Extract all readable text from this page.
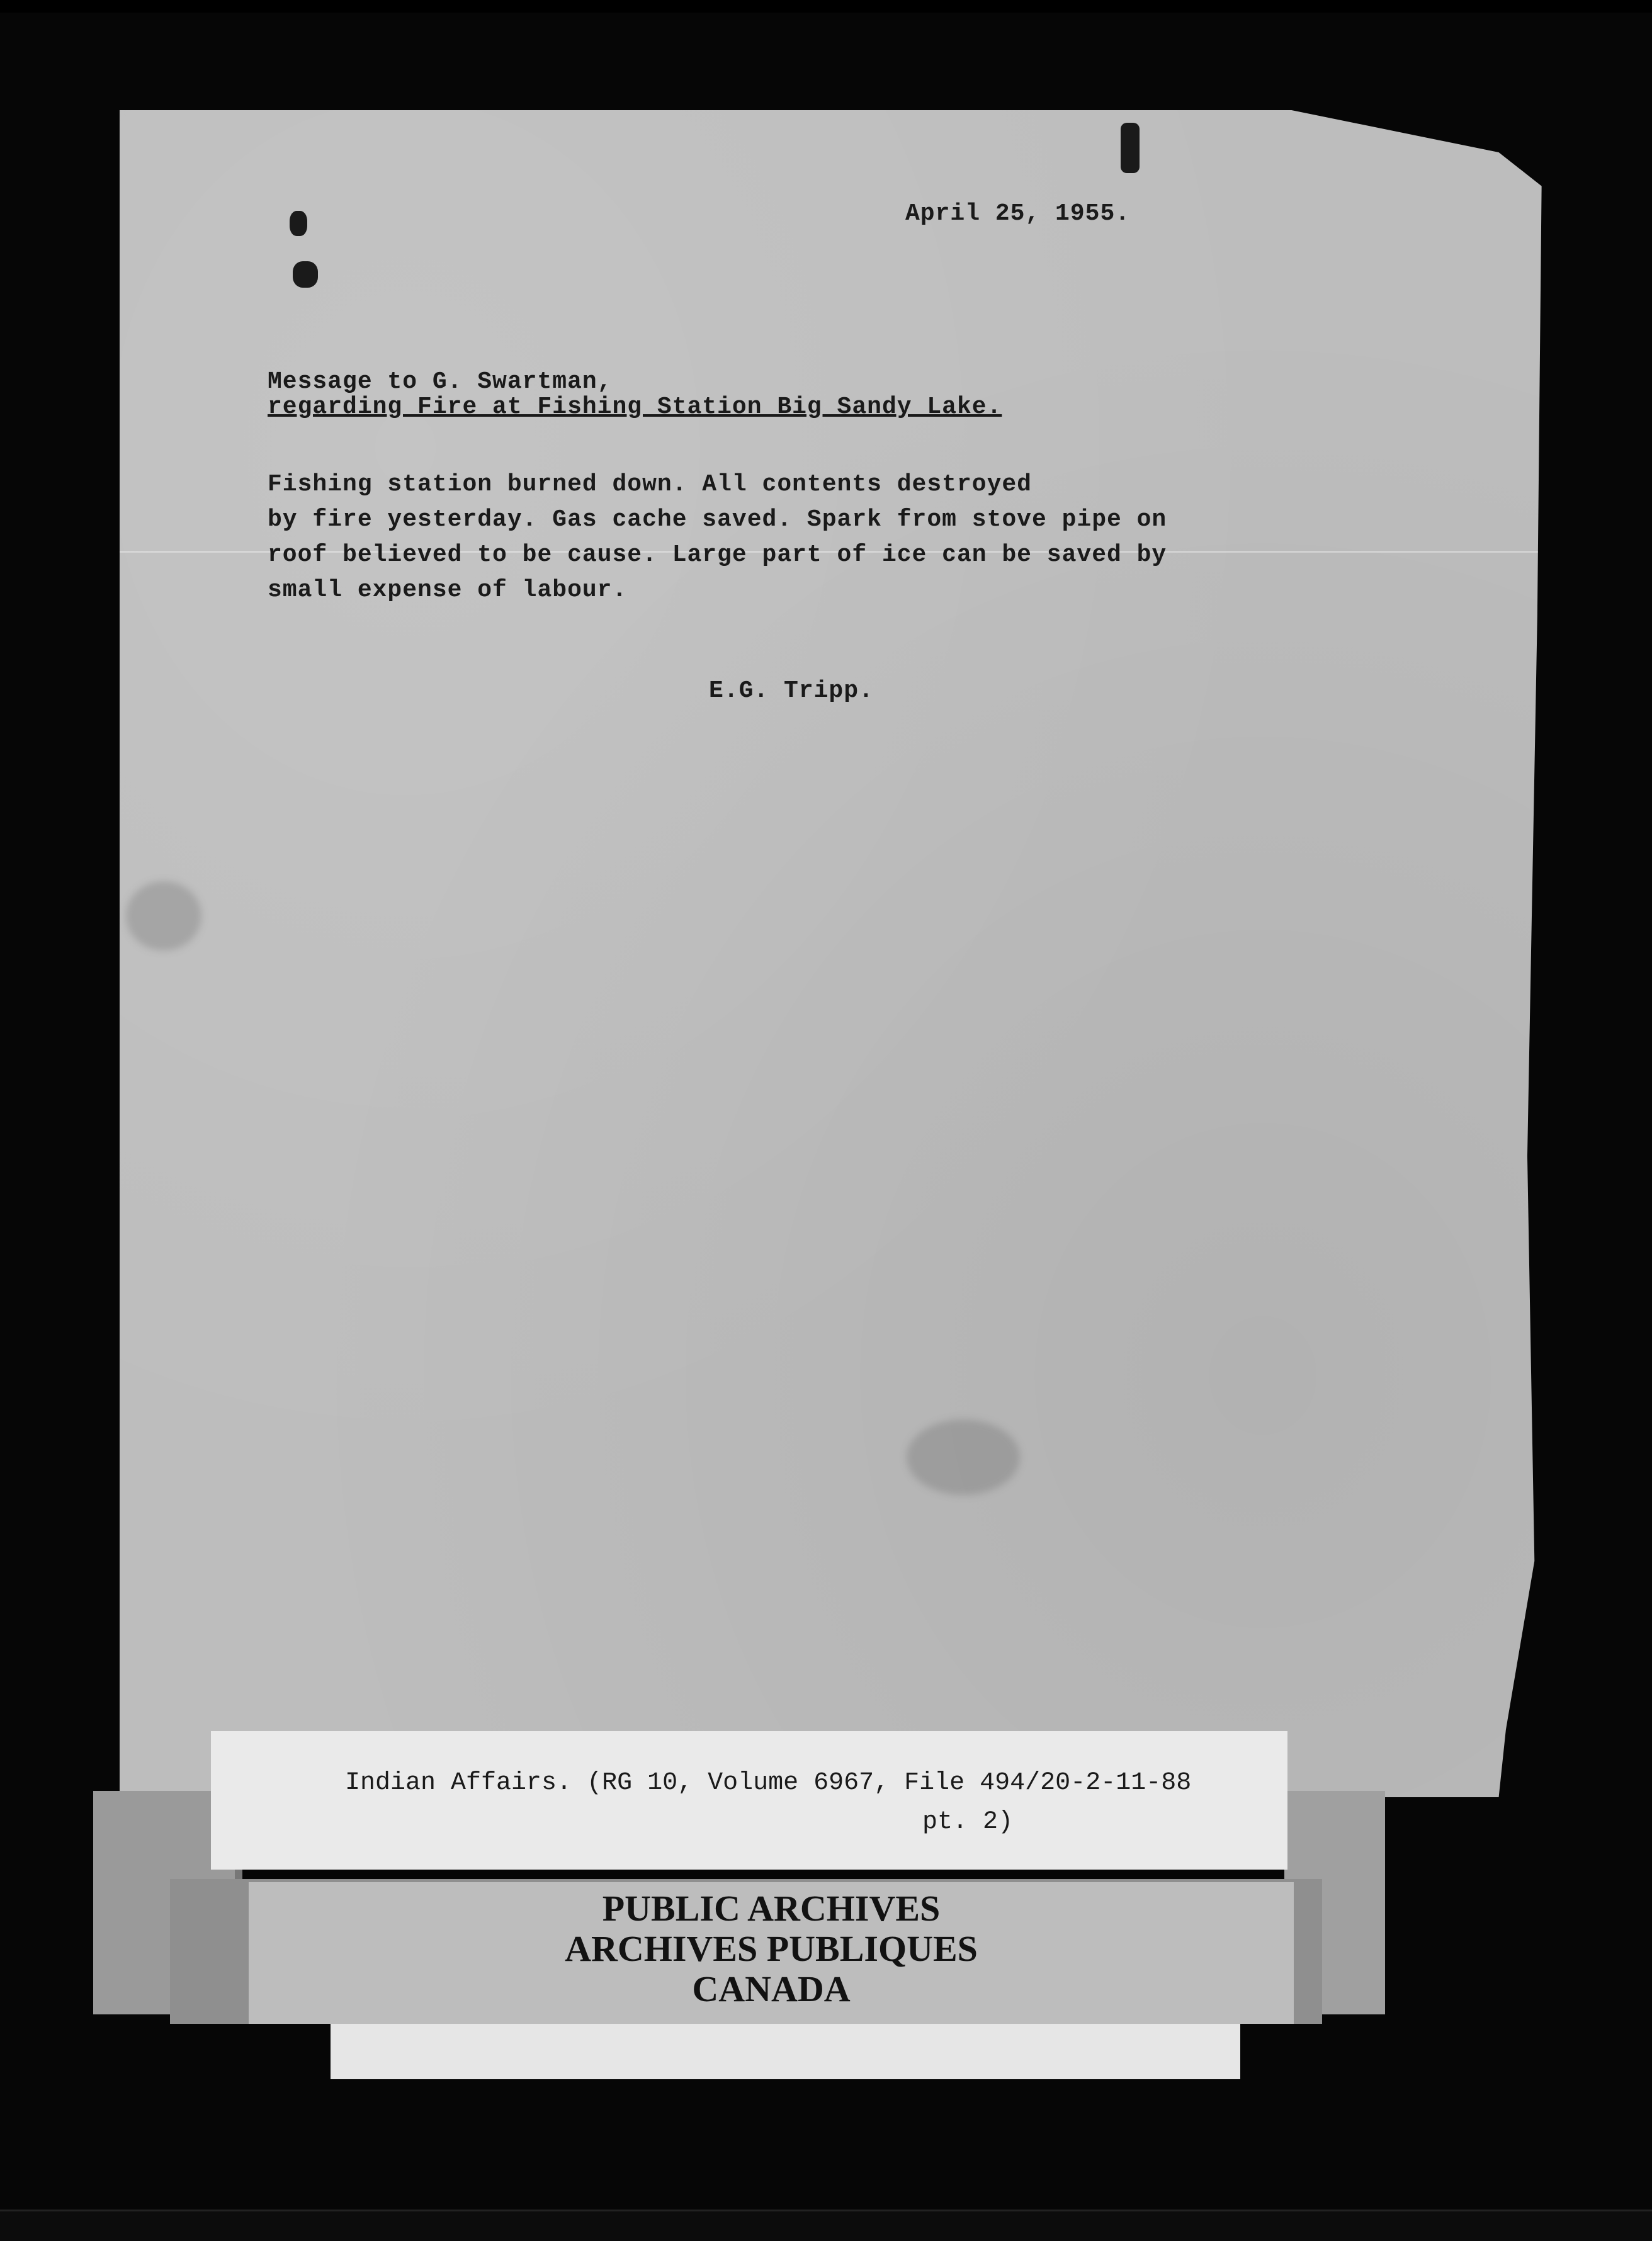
April 25, 1955.
Message to G. Swartman,
regarding Fire at Fishing Station Big Sandy Lake.
Fishing station burned down. All contents destroyed
by fire yesterday. Gas cache saved. Spark from stove pipe on
roof believed to be cause. Large part of ice can be saved by
small expense of labour.
E.G. Tripp.
Indian Affairs. (RG 10, Volume 6967, File 494/20-2-11-88
pt. 2)
PUBLIC ARCHIVES
ARCHIVES PUBLIQUES
CANADA
